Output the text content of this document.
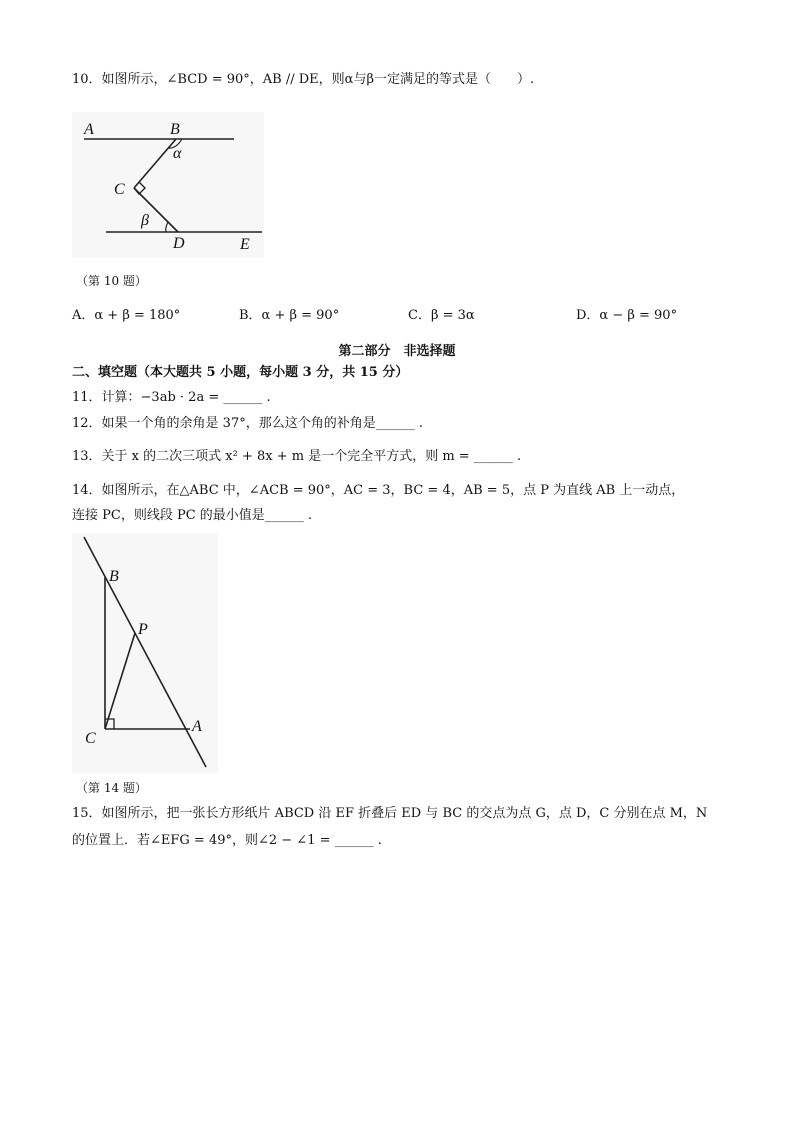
10．如图所示，∠BCD = 90°，AB // DE，则α与β一定满足的等式是（　　）.
A	B
α
C
β
D	E
（第 10 题）
A．α + β = 180°	B．α + β = 90°	C．β = 3α	D．α − β = 90°
第二部分　非选择题
二、填空题（本大题共 5 小题，每小题 3 分，共 15 分）
11．计算：−3ab · 2a = ______ .
12．如果一个角的余角是 37°，那么这个角的补角是______ .
13．关于 x 的二次三项式 x² + 8x + m 是一个完全平方式，则 m = ______ .
14．如图所示，在△ABC 中，∠ACB = 90°，AC = 3，BC = 4，AB = 5，点 P 为直线 AB 上一动点，
连接 PC，则线段 PC 的最小值是______ .
B
P
C
A
（第 14 题）
15．如图所示，把一张长方形纸片 ABCD 沿 EF 折叠后 ED 与 BC 的交点为点 G，点 D，C 分别在点 M，N
的位置上．若∠EFG = 49°，则∠2 − ∠1 = ______ .
